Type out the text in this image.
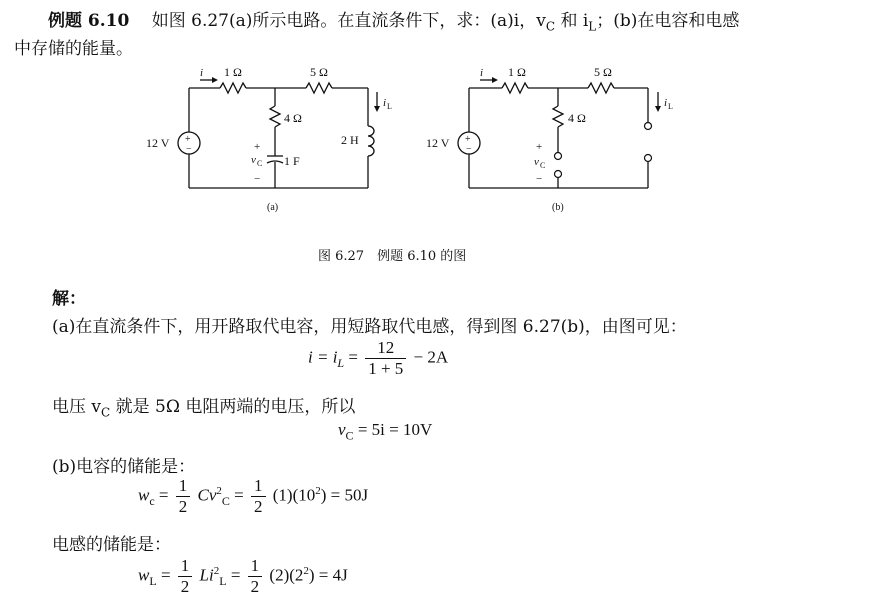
例题 6.10　 如图 6.27(a)所示电路。在直流条件下，求：(a)i，$v_C$ 和 $i_L$；(b)在电容和电感
中存储的能量。
+
−
12 V
1 Ω	5 Ω
4 Ω
2 H
1 F
i
i L
+
v C
−
(a)
+
−
12 V
1 Ω	5 Ω
4 Ω
i
i L
+
v C
−
(b)
图 6.27　例题 6.10 的图
解：
(a)在直流条件下，用开路取代电容，用短路取代电感，得到图 6.27(b)，由图可见：
$i = i_L = \frac{12}{1 + 5} - 2A$
电压 $v_C$ 就是 5Ω 电阻两端的电压，所以
$v_C = 5i = 10V$
(b)电容的储能是：
$w_c = \frac{1}{2} Cv^2_C = \frac{1}{2} (1)(10^2) = 50J$
电感的储能是：
$w_L = \frac{1}{2} Li^2_L = \frac{1}{2} (2)(2^2) = 4J$
